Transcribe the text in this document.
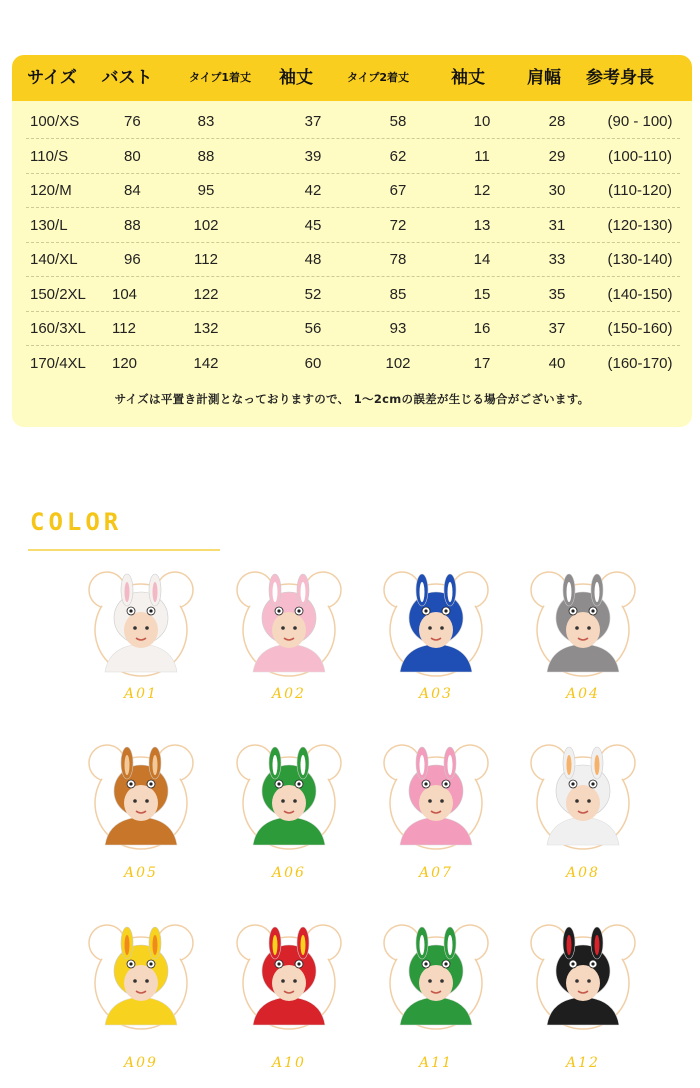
サイズ バスト	タイプ1着丈 袖丈	タイプ2着丈 袖丈 肩幅 参考身長
100/XS	76	83	37	58	10	28	(90 - 100)
110/S	80	88	39	62	11	29	(100-110)
120/M	84	95	42	67	12	30	(110-120)
130/L	88	102	45	72	13	31	(120-130)
140/XL	96	112	48	78	14	33	(130-140)
150/2XL 104	122	52	85	15	35	(140-150)
160/3XL 112	132	56	93	16	37	(150-160)
170/4XL 120	142	60	102	17	40	(160-170)
サイズは平置き計測となっておりますので、 1～2cmの誤差が生じる場合がございます。
COLOR
A01	A02	A03	A04
A05	A06	A07	A08
A09	A10	A11	A12
